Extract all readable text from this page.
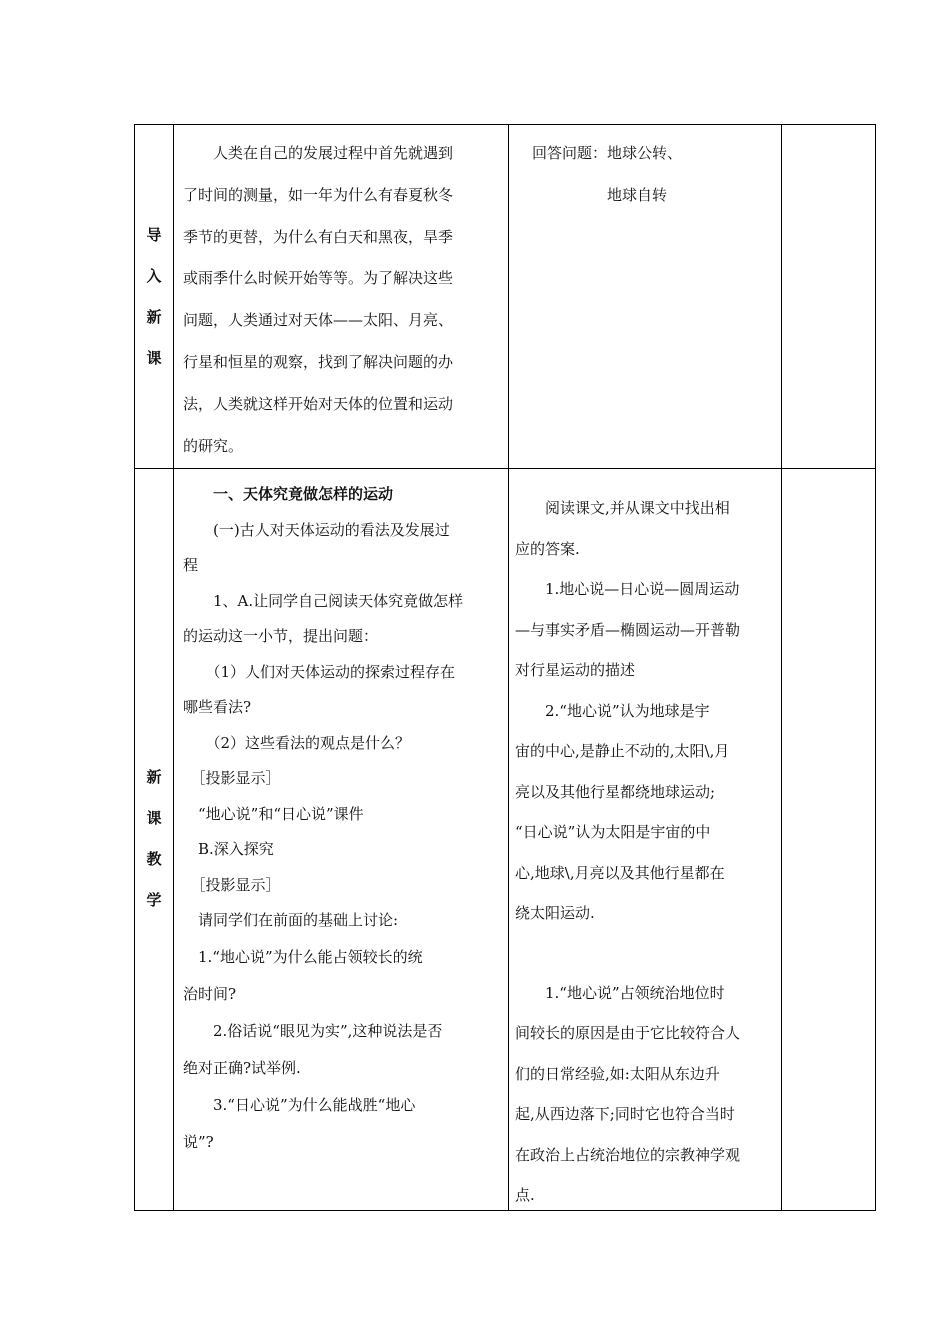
导
入
新
课

　　人类在自己的发展过程中首先就遇到

了时间的测量，如一年为什么有春夏秋冬

季节的更替，为什么有白天和黑夜，旱季

或雨季什么时候开始等等。为了解决这些

问题，人类通过对天体——太阳、月亮、

行星和恒星的观察，找到了解决问题的办

法，人类就这样开始对天体的位置和运动

的研究。

　回答问题：地球公转、

　　　　　　地球自转

新
课
教
学

　　一、天体究竟做怎样的运动

　　(一)古人对天体运动的看法及发展过

程

　　1、A.让同学自己阅读天体究竟做怎样

的运动这一小节，提出问题：

　　（1）人们对天体运动的探索过程存在

哪些看法?

　　（2）这些看法的观点是什么？

　［投影显示］

　“地心说”和“日心说”课件

　B.深入探究

　［投影显示］

　请同学们在前面的基础上讨论:

　1.“地心说”为什么能占领较长的统

治时间?

　　2.俗话说“眼见为实”,这种说法是否

绝对正确?试举例.

　　3.“日心说”为什么能战胜“地心

说”?

　　阅读课文,并从课文中找出相

应的答案.

　　1.地心说—日心说—圆周运动

—与事实矛盾—椭圆运动—开普勒

对行星运动的描述

　　2.“地心说”认为地球是宇

宙的中心,是静止不动的,太阳\,月

亮以及其他行星都绕地球运动;

“日心说”认为太阳是宇宙的中

心,地球\,月亮以及其他行星都在

绕太阳运动.

　　1.“地心说”占领统治地位时

间较长的原因是由于它比较符合人

们的日常经验,如:太阳从东边升

起,从西边落下;同时它也符合当时

在政治上占统治地位的宗教神学观

点.
